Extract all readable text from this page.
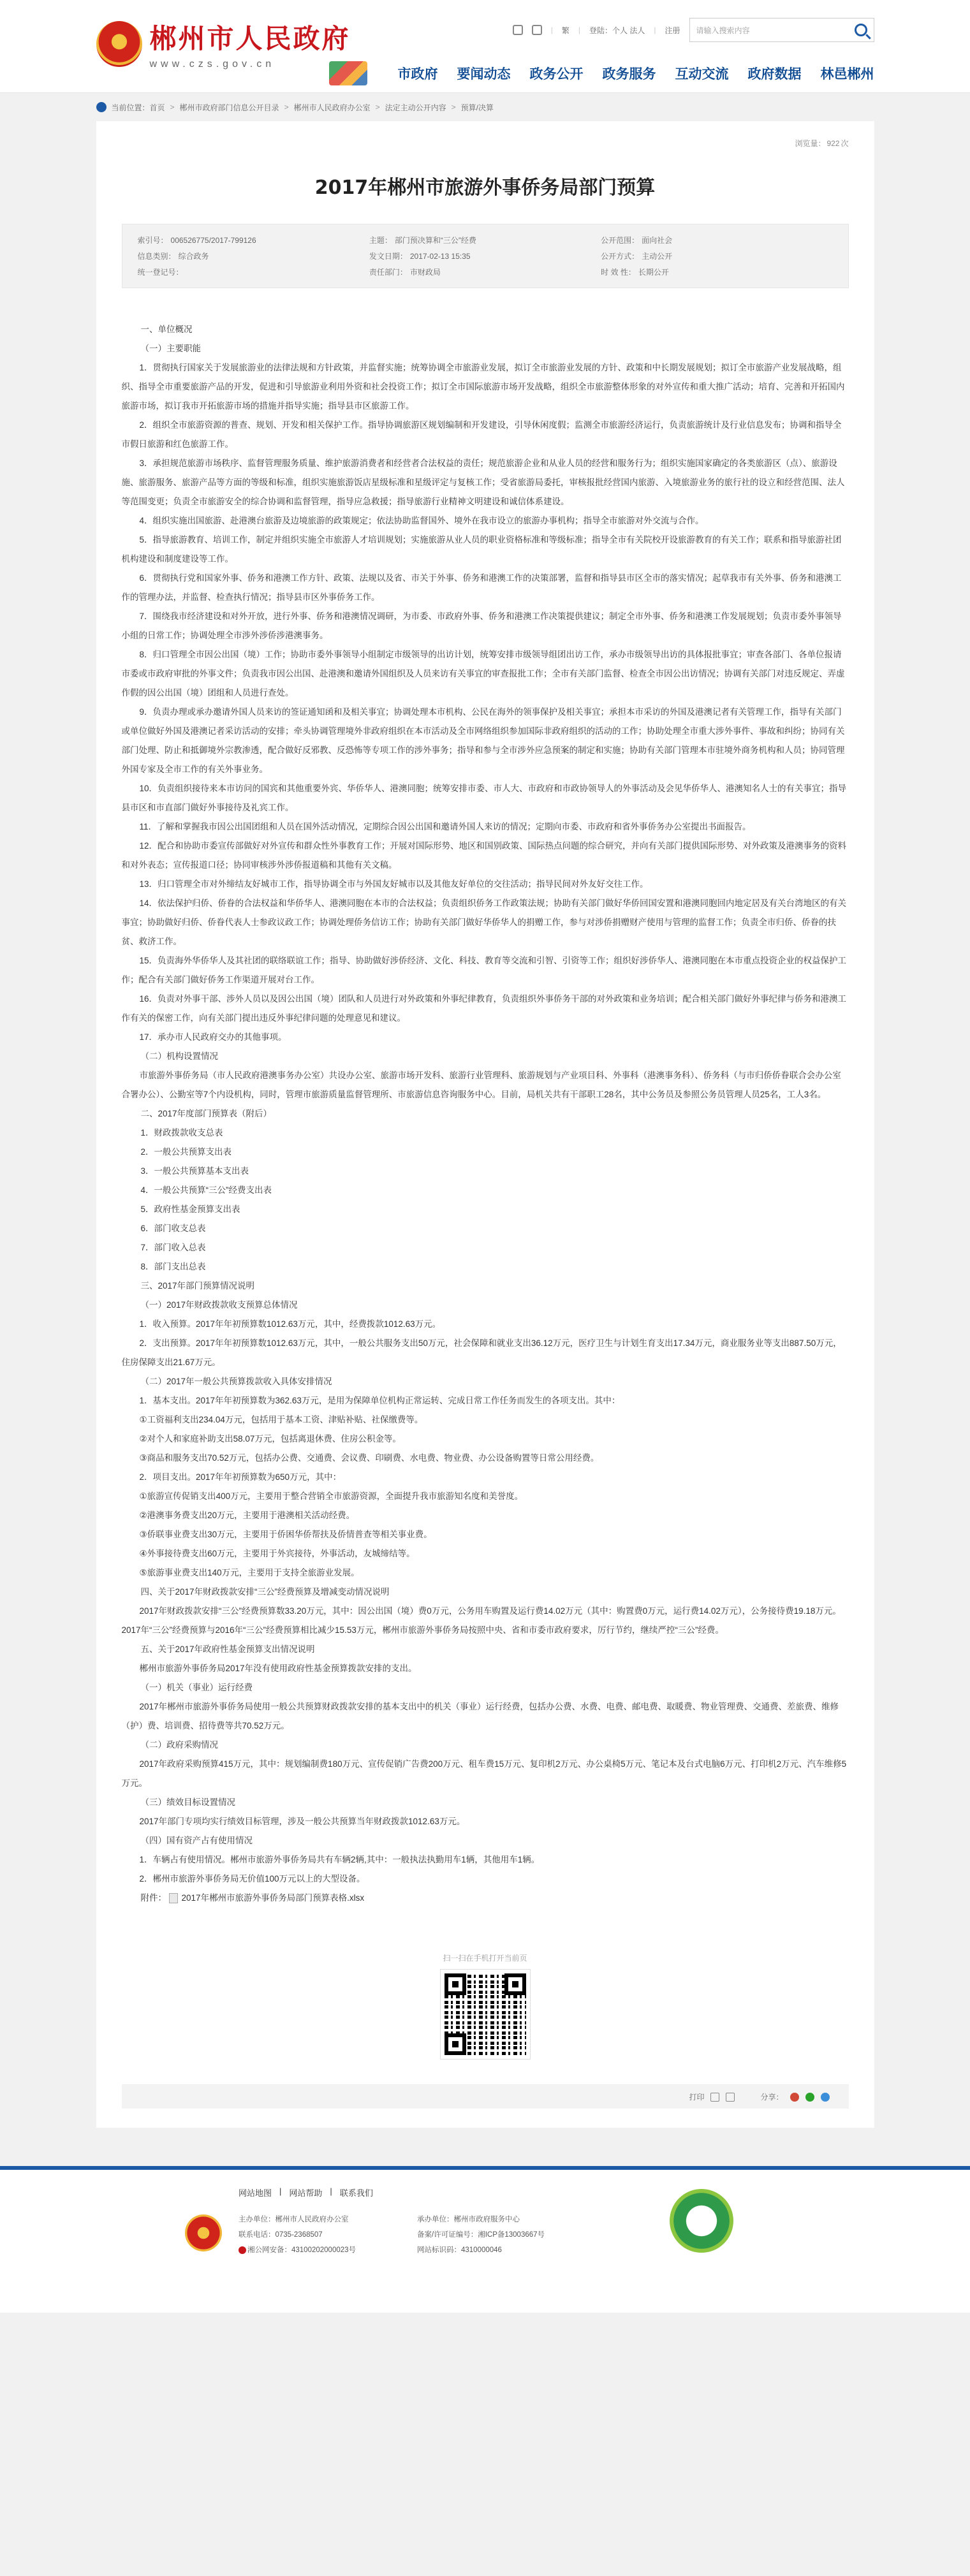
郴州市人民政府
www.czs.gov.cn
| 繁 | 登陆：个人 法人 | 注册 请输入搜索内容
市政府 要闻动态 政务公开 政务服务 互动交流 政府数据 林邑郴州
当前位置： 首页 > 郴州市政府部门信息公开目录 > 郴州市人民政府办公室 > 法定主动公开内容 > 预算/决算
浏览量： 922 次
2017年郴州市旅游外事侨务局部门预算
索引号： 006526775/2017-799126	主题： 部门预决算和“三公”经费	公开范围： 面向社会
信息类别： 综合政务	发文日期： 2017-02-13 15:35	公开方式： 主动公开
统一登记号：	责任部门： 市财政局	时 效 性： 长期公开

一、单位概况

（一）主要职能

1．贯彻执行国家关于发展旅游业的法律法规和方针政策，并监督实施；统筹协调全市旅游业发展，拟订全市旅游业发展的方针、政策和中长期发展规划；拟订全市旅游产业发展战略，组织、指导全市重要旅游产品的开发，促进和引导旅游业利用外资和社会投资工作；拟订全市国际旅游市场开发战略，组织全市旅游整体形象的对外宣传和重大推广活动；培育、完善和开拓国内旅游市场，拟订我市开拓旅游市场的措施并指导实施；指导县市区旅游工作。

2．组织全市旅游资源的普查、规划、开发和相关保护工作。指导协调旅游区规划编制和开发建设，引导休闲度假；监测全市旅游经济运行，负责旅游统计及行业信息发布；协调和指导全市假日旅游和红色旅游工作。

3．承担规范旅游市场秩序、监督管理服务质量、维护旅游消费者和经营者合法权益的责任；规范旅游企业和从业人员的经营和服务行为；组织实施国家确定的各类旅游区（点）、旅游设施、旅游服务、旅游产品等方面的等级和标准，组织实施旅游饭店星级标准和星级评定与复核工作；受省旅游局委托，审核报批经营国内旅游、入境旅游业务的旅行社的设立和经营范围、法人等范围变更；负责全市旅游安全的综合协调和监督管理，指导应急救援；指导旅游行业精神文明建设和诚信体系建设。

4．组织实施出国旅游、赴港澳台旅游及边境旅游的政策规定；依法协助监督国外、境外在我市设立的旅游办事机构；指导全市旅游对外交流与合作。

5．指导旅游教育、培训工作，制定并组织实施全市旅游人才培训规划；实施旅游从业人员的职业资格标准和等级标准；指导全市有关院校开设旅游教育的有关工作；联系和指导旅游社团机构建设和制度建设等工作。

6．贯彻执行党和国家外事、侨务和港澳工作方针、政策、法规以及省、市关于外事、侨务和港澳工作的决策部署，监督和指导县市区全市的落实情况；起草我市有关外事、侨务和港澳工作的管理办法，并监督、检查执行情况；指导县市区外事侨务工作。

7．围绕我市经济建设和对外开放，进行外事、侨务和港澳情况调研，为市委、市政府外事、侨务和港澳工作决策提供建议；制定全市外事、侨务和港澳工作发展规划；负责市委外事领导小组的日常工作；协调处理全市涉外涉侨涉港澳事务。

8．归口管理全市因公出国（境）工作；协助市委外事领导小组制定市级领导的出访计划，统筹安排市级领导组团出访工作，承办市级领导出访的具体报批事宜；审查各部门、各单位报请市委或市政府审批的外事文件；负责我市因公出国、赴港澳和邀请外国组织及人员来访有关事宜的审查报批工作；全市有关部门监督、检查全市因公出访情况；协调有关部门对违反规定、弄虚作假的因公出国（境）团组和人员进行查处。

9．负责办理或承办邀请外国人员来访的签证通知函和及相关事宜；协调处理本市机构、公民在海外的领事保护及相关事宜；承担本市采访的外国及港澳记者有关管理工作，指导有关部门或单位做好外国及港澳记者采访活动的安排；牵头协调管理境外非政府组织在本市活动及全市网络组织参加国际非政府组织的活动的工作；协助处理全市重大涉外事件、事故和纠纷；协同有关部门处理、防止和抵御境外宗教渗透，配合做好反邪教、反恐怖等专项工作的涉外事务；指导和参与全市涉外应急预案的制定和实施；协助有关部门管理本市驻境外商务机构和人员；协同管理外国专家及全市工作的有关外事业务。

10．负责组织接待来本市访问的国宾和其他重要外宾、华侨华人、港澳同胞；统筹安排市委、市人大、市政府和市政协领导人的外事活动及会见华侨华人、港澳知名人士的有关事宜；指导县市区和市直部门做好外事接待及礼宾工作。

11．了解和掌握我市因公出国团组和人员在国外活动情况，定期综合因公出国和邀请外国人来访的情况；定期向市委、市政府和省外事侨务办公室提出书面报告。

12．配合和协助市委宣传部做好对外宣传和群众性外事教育工作；开展对国际形势、地区和国别政策、国际热点问题的综合研究，并向有关部门提供国际形势、对外政策及港澳事务的资料和对外表态；宣传报道口径；协同审核涉外涉侨报道稿和其他有关文稿。

13．归口管理全市对外缔结友好城市工作，指导协调全市与外国友好城市以及其他友好单位的交往活动；指导民间对外友好交往工作。

14．依法保护归侨、侨眷的合法权益和华侨华人、港澳同胞在本市的合法权益；负责组织侨务工作政策法规；协助有关部门做好华侨回国安置和港澳同胞回内地定居及有关台湾地区的有关事宜；协助做好归侨、侨眷代表人士参政议政工作；协调处理侨务信访工作；协助有关部门做好华侨华人的捐赠工作，参与对涉侨捐赠财产使用与管理的监督工作；负责全市归侨、侨眷的扶贫、救济工作。

15．负责海外华侨华人及其社团的联络联谊工作；指导、协助做好涉侨经济、文化、科技、教育等交流和引智、引资等工作；组织好涉侨华人、港澳同胞在本市重点投资企业的权益保护工作；配合有关部门做好侨务工作渠道开展对台工作。

16．负责对外事干部、涉外人员以及因公出国（境）团队和人员进行对外政策和外事纪律教育，负责组织外事侨务干部的对外政策和业务培训；配合相关部门做好外事纪律与侨务和港澳工作有关的保密工作，向有关部门提出违反外事纪律问题的处理意见和建议。

17．承办市人民政府交办的其他事项。

（二）机构设置情况

市旅游外事侨务局（市人民政府港澳事务办公室）共设办公室、旅游市场开发科、旅游行业管理科、旅游规划与产业项目科、外事科（港澳事务科）、侨务科（与市归侨侨眷联合会办公室合署办公）、公勤室等7个内设机构，同时，管理市旅游质量监督管理所、市旅游信息咨询服务中心。目前，局机关共有干部职工28名，其中公务员及参照公务员管理人员25名，工人3名。

二、2017年度部门预算表（附后）

1．财政拨款收支总表

2．一般公共预算支出表

3．一般公共预算基本支出表

4．一般公共预算“三公”经费支出表

5．政府性基金预算支出表

6．部门收支总表

7．部门收入总表

8．部门支出总表

三、2017年部门预算情况说明

（一）2017年财政拨款收支预算总体情况

1．收入预算。2017年年初预算数1012.63万元，其中，经费拨款1012.63万元。

2．支出预算。2017年年初预算数1012.63万元，其中，一般公共服务支出50万元，社会保障和就业支出36.12万元，医疗卫生与计划生育支出17.34万元，商业服务业等支出887.50万元，住房保障支出21.67万元。

（二）2017年一般公共预算拨款收入具体安排情况

1．基本支出。2017年年初预算数为362.63万元，是用为保障单位机构正常运转、完成日常工作任务而发生的各项支出。其中：

①工资福利支出234.04万元，包括用于基本工资、津贴补贴、社保缴费等。

②对个人和家庭补助支出58.07万元，包括离退休费、住房公积金等。

③商品和服务支出70.52万元，包括办公费、交通费、会议费、印刷费、水电费、物业费、办公设备购置等日常公用经费。

2．项目支出。2017年年初预算数为650万元，其中：

①旅游宣传促销支出400万元，主要用于整合营销全市旅游资源，全面提升我市旅游知名度和美誉度。

②港澳事务费支出20万元，主要用于港澳相关活动经费。

③侨联事业费支出30万元，主要用于侨困华侨帮扶及侨情普查等相关事业费。

④外事接待费支出60万元，主要用于外宾接待，外事活动，友城缔结等。

⑤旅游事业费支出140万元，主要用于支持全旅游业发展。

四、关于2017年财政拨款安排“三公”经费预算及增减变动情况说明

2017年财政拨款安排“三公”经费预算数33.20万元，其中：因公出国（境）费0万元，公务用车购置及运行费14.02万元（其中：购置费0万元，运行费14.02万元），公务接待费19.18万元。2017年“三公”经费预算与2016年“三公”经费预算相比减少15.53万元，郴州市旅游外事侨务局按照中央、省和市委市政府要求，厉行节约，继续严控“三公”经费。

五、关于2017年政府性基金预算支出情况说明

郴州市旅游外事侨务局2017年没有使用政府性基金预算拨款安排的支出。

（一）机关（事业）运行经费

2017年郴州市旅游外事侨务局使用一般公共预算财政拨款安排的基本支出中的机关（事业）运行经费，包括办公费、水费、电费、邮电费、取暖费、物业管理费、交通费、差旅费、维修（护）费、培训费、招待费等共70.52万元。

（二）政府采购情况

2017年政府采购预算415万元，其中：规划编制费180万元、宣传促销广告费200万元、租车费15万元、复印机2万元、办公桌椅5万元、笔记本及台式电脑6万元、打印机2万元、汽车维修5万元。

（三）绩效目标设置情况

2017年部门专项均实行绩效目标管理，涉及一般公共预算当年财政拨款1012.63万元。

（四）国有资产占有使用情况

1．车辆占有使用情况。郴州市旅游外事侨务局共有车辆2辆,其中：一般执法执勤用车1辆，其他用车1辆。

2．郴州市旅游外事侨务局无价值100万元以上的大型设备。

附件： 2017年郴州市旅游外事侨务局部门预算表格.xlsx

扫一扫在手机打开当前页
打印	分享：
网站地图 | 网站帮助 | 联系我们
主办单位：郴州市人民政府办公室	承办单位：郴州市政府服务中心
联系电话：0735-2368507	备案/许可证编号：湘ICP备13003667号
湘公网安备：43100202000023号	网站标识码：4310000046
